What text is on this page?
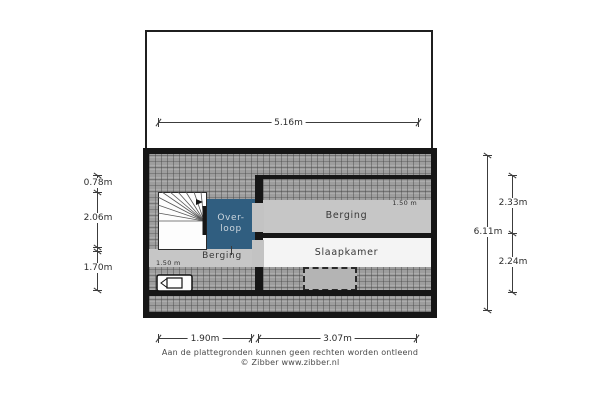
5.16m
Over-
loop
Berging
Slaapkamer
Berging
1.50 m
1.50 m
0.78m
2.06m
1.70m
6.11m
2.33m
2.24m
1.90m	3.07m
Aan de plattegronden kunnen geen rechten worden ontleend
© Zibber www.zibber.nl
